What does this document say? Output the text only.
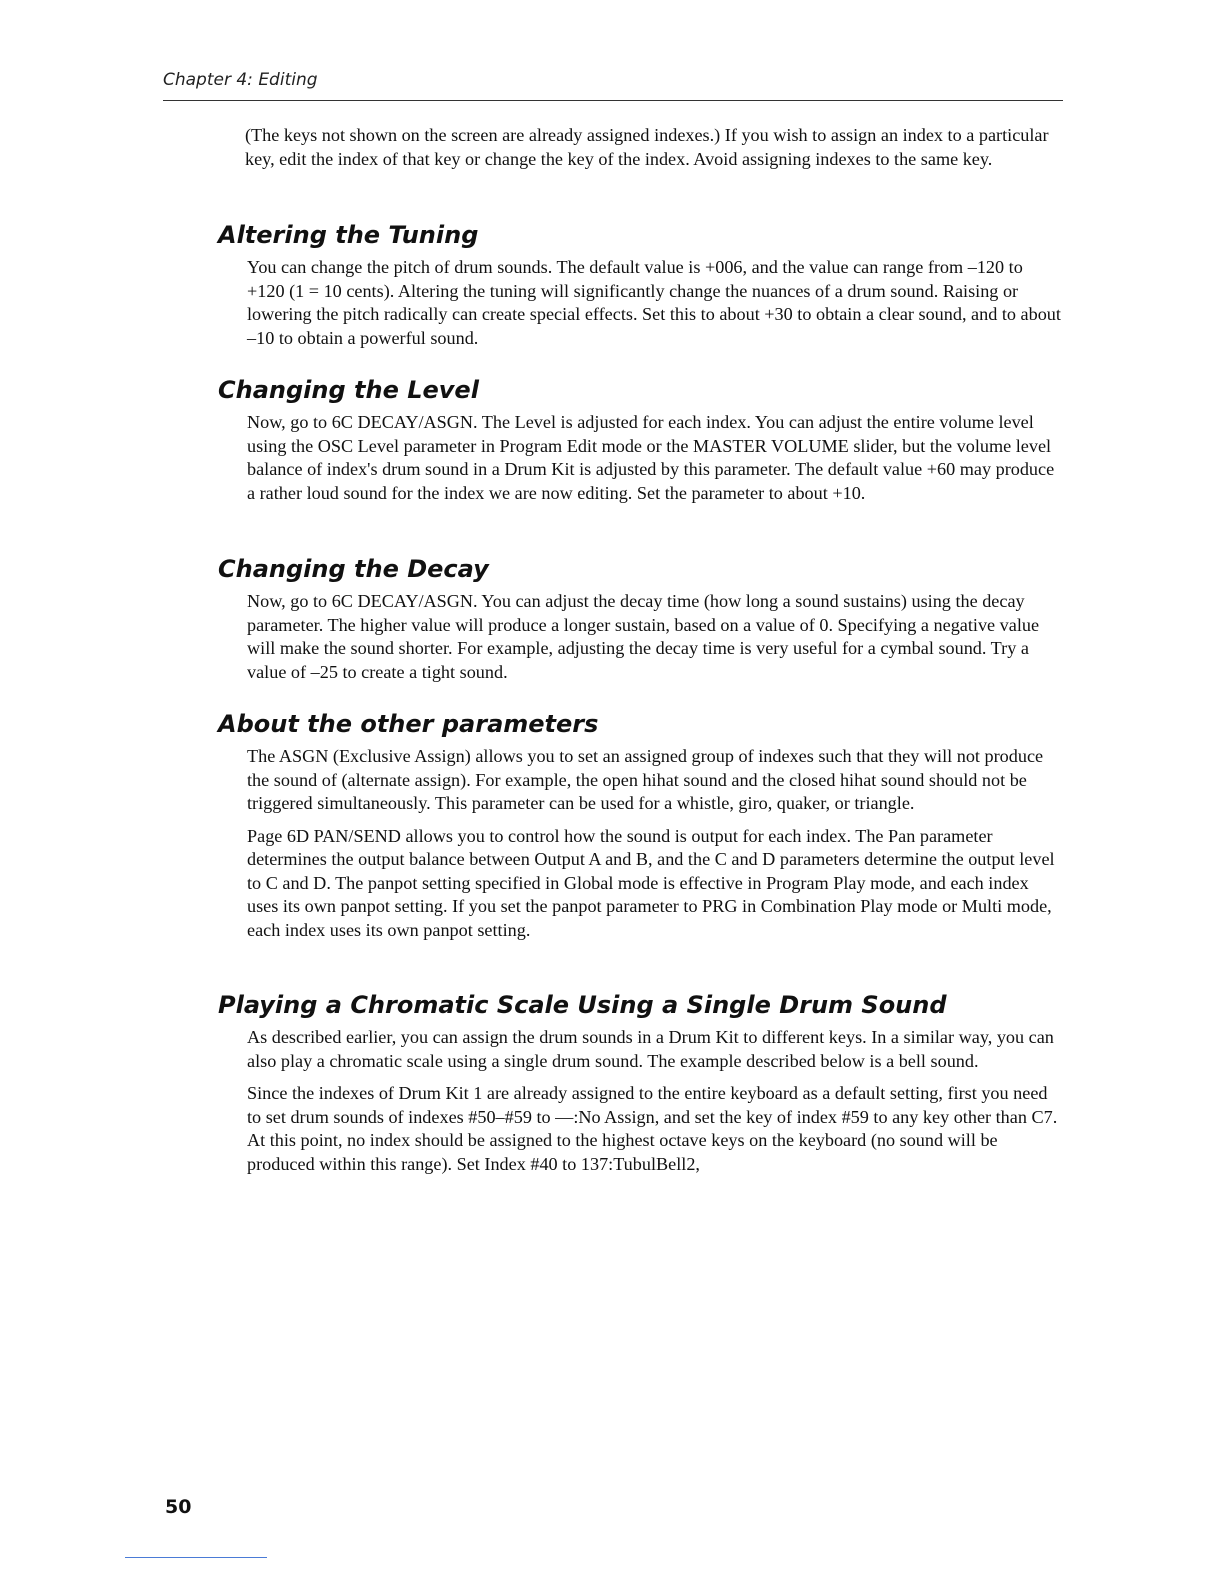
Chapter 4: Editing

(The keys not shown on the screen are already assigned indexes.) If you wish to assign an index to a particular key, edit the index of that key or change the key of the index. Avoid assigning indexes to the same key.

Altering the Tuning

You can change the pitch of drum sounds. The default value is +006, and the value can range from –120 to +120 (1 = 10 cents). Altering the tuning will significantly change the nuances of a drum sound. Raising or lowering the pitch radically can create special effects. Set this to about +30 to obtain a clear sound, and to about –10 to obtain a powerful sound.

Changing the Level

Now, go to 6C DECAY/ASGN. The Level is adjusted for each index. You can adjust the entire volume level using the OSC Level parameter in Program Edit mode or the MASTER VOLUME slider, but the volume level balance of index's drum sound in a Drum Kit is adjusted by this parameter. The default value +60 may produce a rather loud sound for the index we are now editing. Set the parameter to about +10.

Changing the Decay

Now, go to 6C DECAY/ASGN. You can adjust the decay time (how long a sound sustains) using the decay parameter. The higher value will produce a longer sustain, based on a value of 0. Specifying a negative value will make the sound shorter. For example, adjusting the decay time is very useful for a cymbal sound. Try a value of –25 to create a tight sound.

About the other parameters

The ASGN (Exclusive Assign) allows you to set an assigned group of indexes such that they will not produce the sound of (alternate assign). For example, the open hihat sound and the closed hihat sound should not be triggered simultaneously. This parameter can be used for a whistle, giro, quaker, or triangle.

Page 6D PAN/SEND allows you to control how the sound is output for each index. The Pan parameter determines the output balance between Output A and B, and the C and D parameters determine the output level to C and D. The panpot setting specified in Global mode is effective in Program Play mode, and each index uses its own panpot setting. If you set the panpot parameter to PRG in Combination Play mode or Multi mode, each index uses its own panpot setting.

Playing a Chromatic Scale Using a Single Drum Sound

As described earlier, you can assign the drum sounds in a Drum Kit to different keys. In a similar way, you can also play a chromatic scale using a single drum sound. The example described below is a bell sound.

Since the indexes of Drum Kit 1 are already assigned to the entire keyboard as a default setting, first you need to set drum sounds of indexes #50–#59 to —:No Assign, and set the key of index #59 to any key other than C7. At this point, no index should be assigned to the highest octave keys on the keyboard (no sound will be produced within this range). Set Index #40 to 137:TubulBell2,

50
